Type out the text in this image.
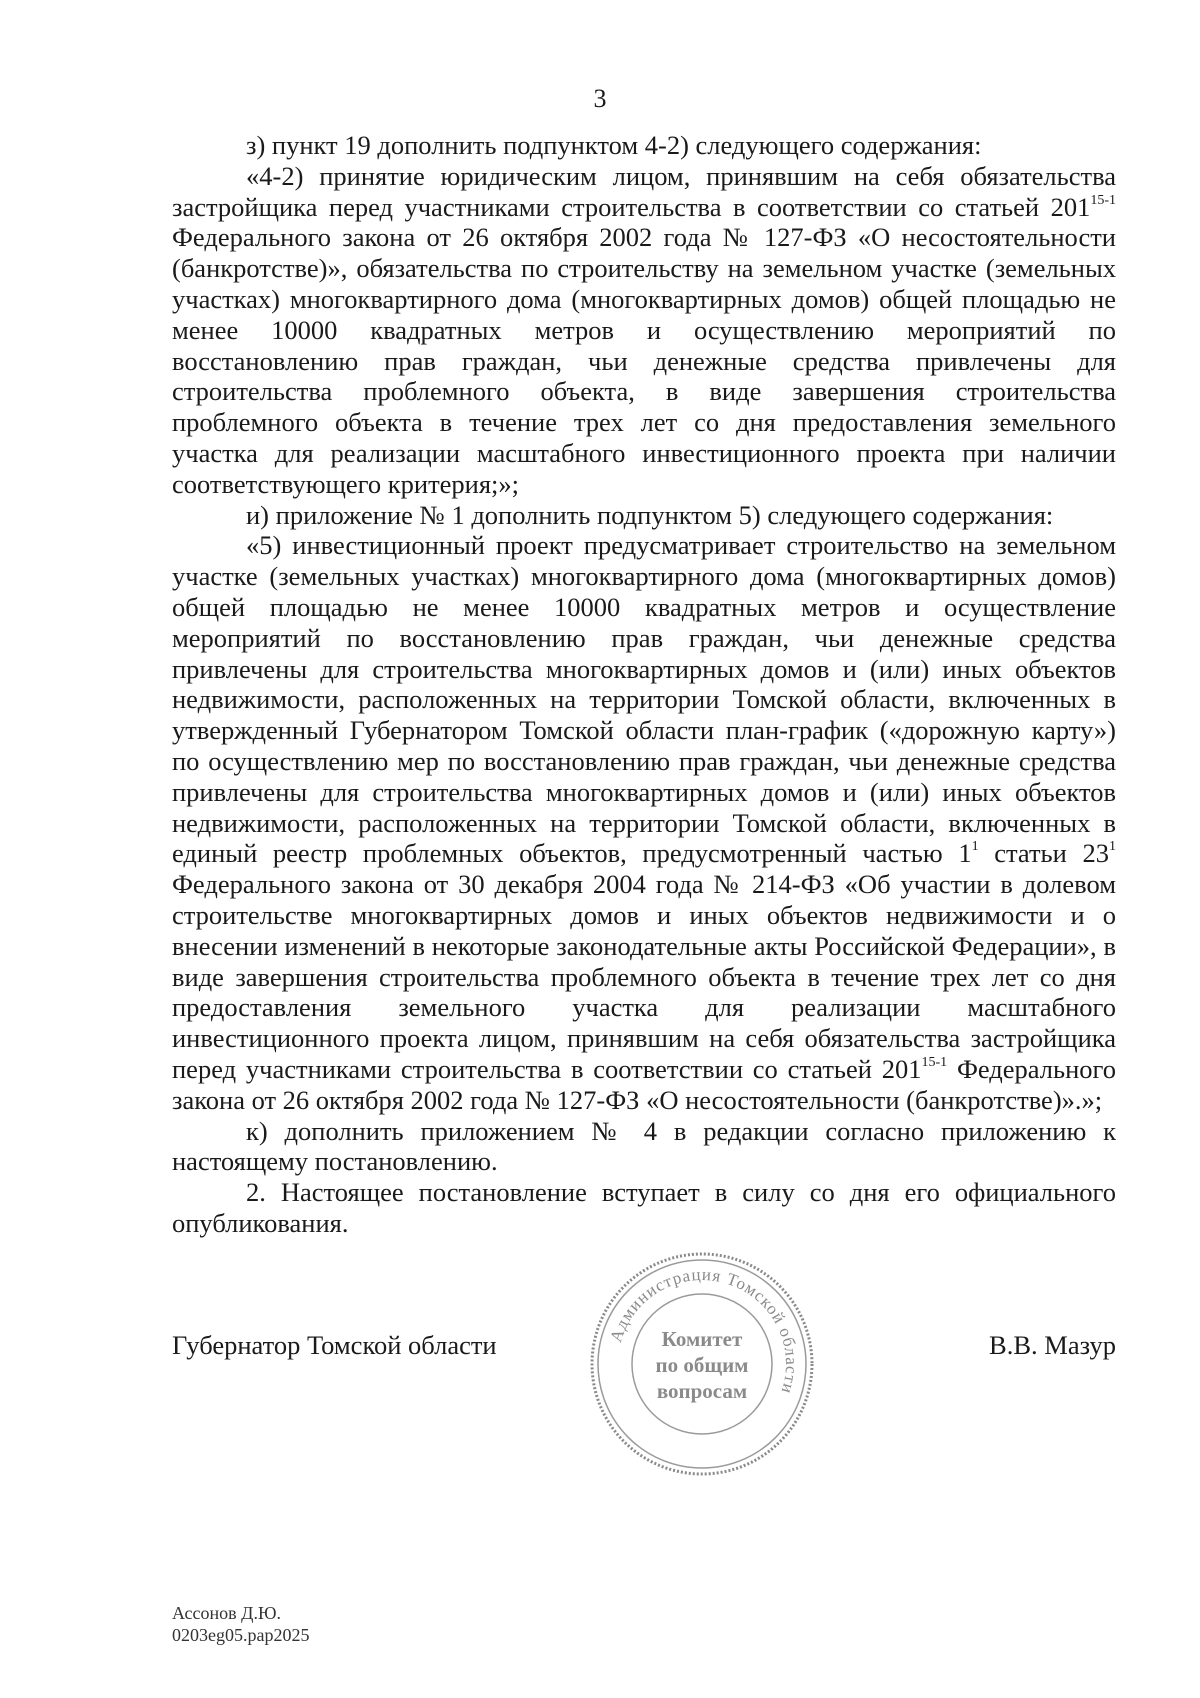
3

з) пункт 19 дополнить подпунктом 4-2) следующего содержания:

«4-2) принятие юридическим лицом, принявшим на себя обязательства застройщика перед участниками строительства в соответствии со статьей 201$^{15-1}$ Федерального закона от 26 октября 2002 года № 127-ФЗ «О несостоятельности (банкротстве)», обязательства по строительству на земельном участке (земельных участках) многоквартирного дома (многоквартирных домов) общей площадью не менее 10000 квадратных метров и осуществлению мероприятий по восстановлению прав граждан, чьи денежные средства привлечены для строительства проблемного объекта, в виде завершения строительства проблемного объекта в течение трех лет со дня предоставления земельного участка для реализации масштабного инвестиционного проекта при наличии соответствующего критерия;»;

и) приложение № 1 дополнить подпунктом 5) следующего содержания:

«5) инвестиционный проект предусматривает строительство на земельном участке (земельных участках) многоквартирного дома (многоквартирных домов) общей площадью не менее 10000 квадратных метров и осуществление мероприятий по восстановлению прав граждан, чьи денежные средства привлечены для строительства многоквартирных домов и (или) иных объектов недвижимости, расположенных на территории Томской области, включенных в утвержденный Губернатором Томской области план-график («дорожную карту») по осуществлению мер по восстановлению прав граждан, чьи денежные средства привлечены для строительства многоквартирных домов и (или) иных объектов недвижимости, расположенных на территории Томской области, включенных в единый реестр проблемных объектов, предусмотренный частью $1^1$ статьи $23^1$ Федерального закона от 30 декабря 2004 года № 214-ФЗ «Об участии в долевом строительстве многоквартирных домов и иных объектов недвижимости и о внесении изменений в некоторые законодательные акты Российской Федерации», в виде завершения строительства проблемного объекта в течение трех лет со дня предоставления земельного участка для реализации масштабного инвестиционного проекта лицом, принявшим на себя обязательства застройщика перед участниками строительства в соответствии со статьей 201$^{15-1}$ Федерального закона от 26 октября 2002 года № 127-ФЗ «О несостоятельности (банкротстве)».»;

к) дополнить приложением № 4 в редакции согласно приложению к настоящему постановлению.

2. Настоящее постановление вступает в силу со дня его официального опубликования.

Губернатор Томской области	В.В. Мазур
Администрация Томской области
Комитет
по общим
вопросам
Ассонов Д.Ю.
0203eg05.pap2025
